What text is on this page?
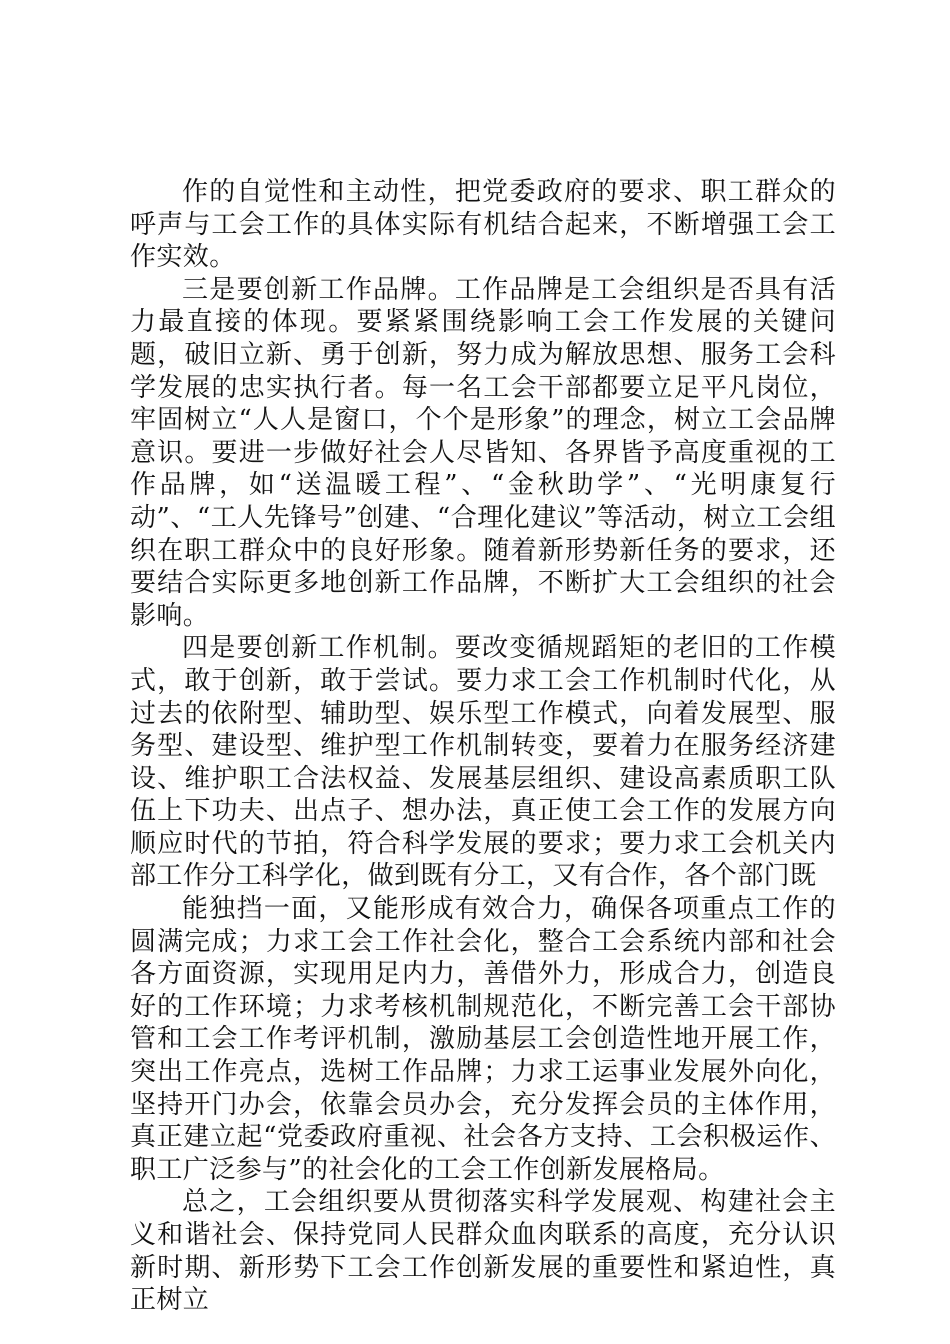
作的自觉性和主动性，把党委政府的要求、职工群众的呼声与工会工作的具体实际有机结合起来，不断增强工会工作实效。

三是要创新工作品牌。工作品牌是工会组织是否具有活力最直接的体现。要紧紧围绕影响工会工作发展的关键问题，破旧立新、勇于创新，努力成为解放思想、服务工会科学发展的忠实执行者。每一名工会干部都要立足平凡岗位，牢固树立“人人是窗口，个个是形象”的理念，树立工会品牌意识。要进一步做好社会人尽皆知、各界皆予高度重视的工作品牌，如“送温暖工程”、“金秋助学”、“光明康复行动”、“工人先锋号”创建、“合理化建议”等活动，树立工会组织在职工群众中的良好形象。随着新形势新任务的要求，还要结合实际更多地创新工作品牌，不断扩大工会组织的社会影响。

四是要创新工作机制。要改变循规蹈矩的老旧的工作模式，敢于创新，敢于尝试。要力求工会工作机制时代化，从过去的依附型、辅助型、娱乐型工作模式，向着发展型、服务型、建设型、维护型工作机制转变，要着力在服务经济建设、维护职工合法权益、发展基层组织、建设高素质职工队伍上下功夫、出点子、想办法，真正使工会工作的发展方向顺应时代的节拍，符合科学发展的要求；要力求工会机关内部工作分工科学化，做到既有分工，又有合作，各个部门既

能独挡一面，又能形成有效合力，确保各项重点工作的圆满完成；力求工会工作社会化，整合工会系统内部和社会各方面资源，实现用足内力，善借外力，形成合力，创造良好的工作环境；力求考核机制规范化，不断完善工会干部协管和工会工作考评机制，激励基层工会创造性地开展工作，突出工作亮点，选树工作品牌；力求工运事业发展外向化，坚持开门办会，依靠会员办会，充分发挥会员的主体作用，真正建立起“党委政府重视、社会各方支持、工会积极运作、职工广泛参与”的社会化的工会工作创新发展格局。

总之，工会组织要从贯彻落实科学发展观、构建社会主义和谐社会、保持党同人民群众血肉联系的高度，充分认识新时期、新形势下工会工作创新发展的重要性和紧迫性，真正树立
